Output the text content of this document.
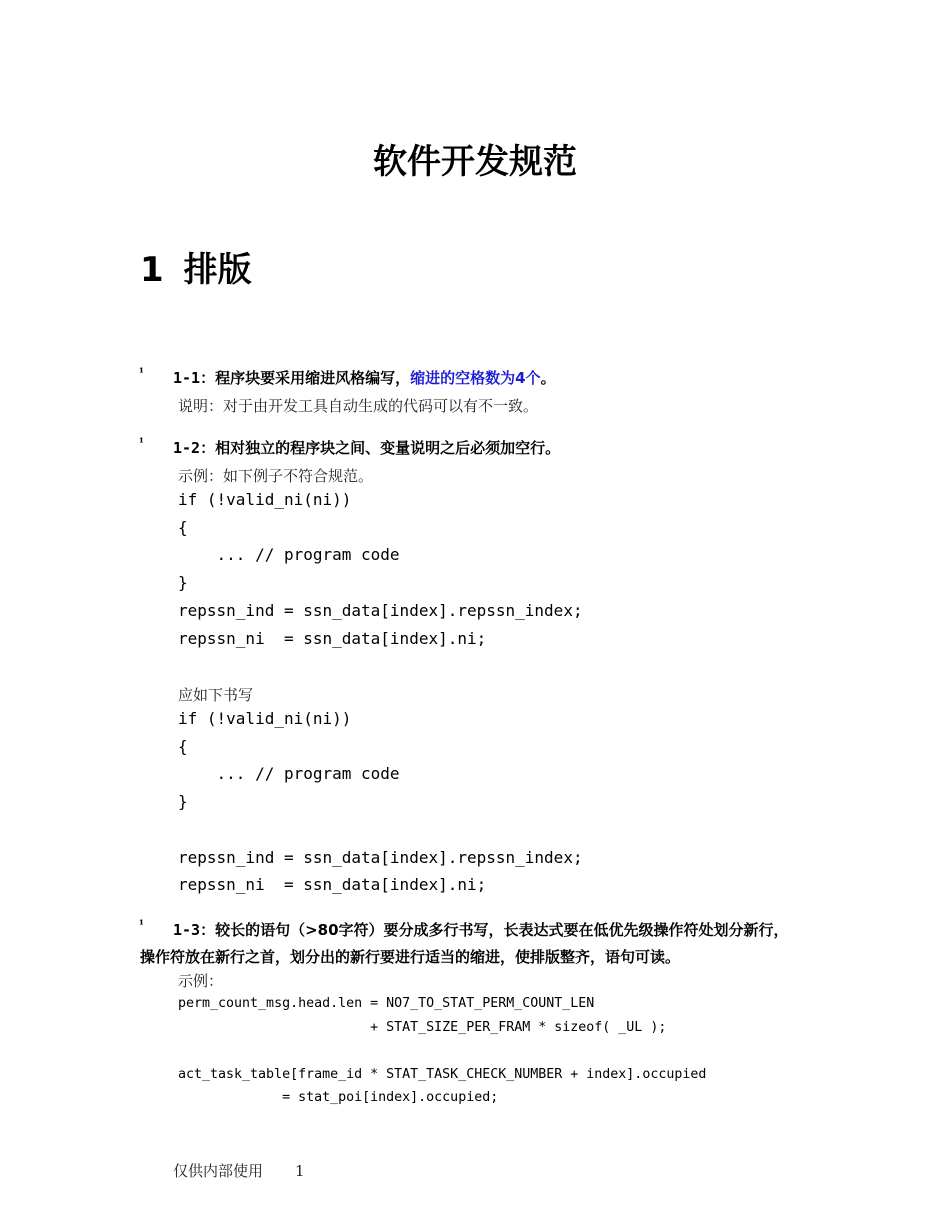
软件开发规范
1 排版
¹ 1-1：程序块要采用缩进风格编写，缩进的空格数为4个。
说明：对于由开发工具自动生成的代码可以有不一致。
¹ 1-2：相对独立的程序块之间、变量说明之后必须加空行。
示例：如下例子不符合规范。
if (!valid_ni(ni))
{
... // program code
}
repssn_ind = ssn_data[index].repssn_index;
repssn_ni  = ssn_data[index].ni;
应如下书写
if (!valid_ni(ni))
{
... // program code
}

repssn_ind = ssn_data[index].repssn_index;
repssn_ni  = ssn_data[index].ni;
¹ 1-3：较长的语句（>80字符）要分成多行书写，长表达式要在低优先级操作符处划分新行，
操作符放在新行之首，划分出的新行要进行适当的缩进，使排版整齐，语句可读。
示例：
perm_count_msg.head.len = NO7_TO_STAT_PERM_COUNT_LEN
+ STAT_SIZE_PER_FRAM * sizeof( _UL );

act_task_table[frame_id * STAT_TASK_CHECK_NUMBER + index].occupied
= stat_poi[index].occupied;
仅供内部使用 1
